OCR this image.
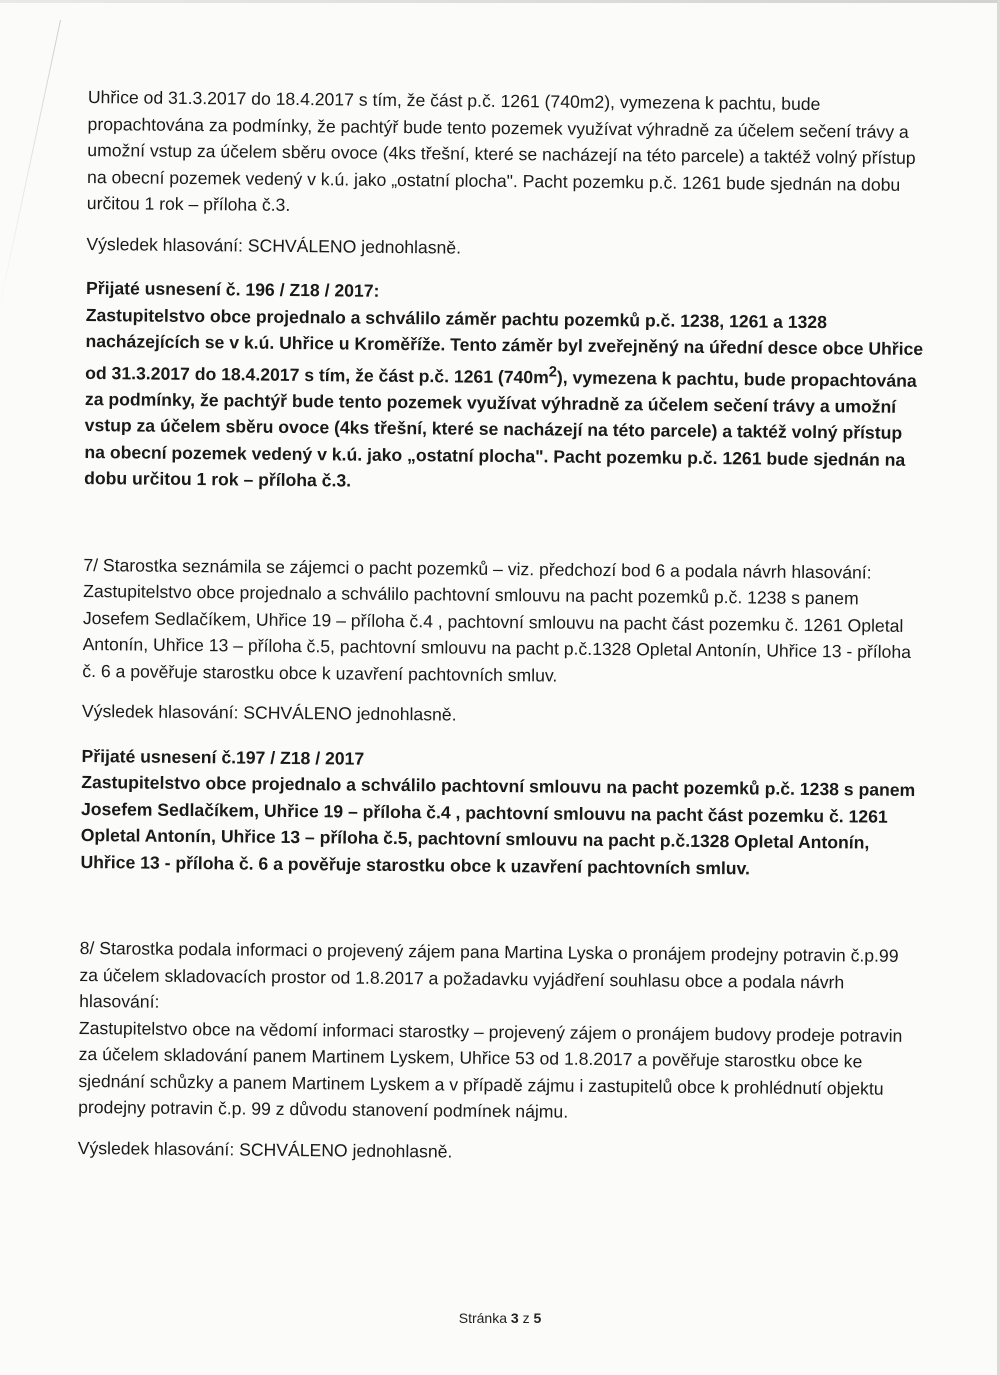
Uhřice od 31.3.2017 do 18.4.2017 s tím, že část p.č. 1261 (740m2), vymezena k pachtu, bude propachtována za podmínky, že pachtýř bude tento pozemek využívat výhradně za účelem sečení trávy a umožní vstup za účelem sběru ovoce (4ks třešní, které se nacházejí na této parcele) a taktéž volný přístup na obecní pozemek vedený v k.ú. jako „ostatní plocha". Pacht pozemku p.č. 1261 bude sjednán na dobu určitou 1 rok – příloha č.3.

Výsledek hlasování: SCHVÁLENO jednohlasně.

Přijaté usnesení č. 196 / Z18 / 2017:

Zastupitelstvo obce projednalo a schválilo záměr pachtu pozemků p.č. 1238, 1261 a 1328 nacházejících se v k.ú. Uhřice u Kroměříže. Tento záměr byl zveřejněný na úřední desce obce Uhřice od 31.3.2017 do 18.4.2017 s tím, že část p.č. 1261 $(740m^2)$, vymezena k pachtu, bude propachtována za podmínky, že pachtýř bude tento pozemek využívat výhradně za účelem sečení trávy a umožní vstup za účelem sběru ovoce (4ks třešní, které se nacházejí na této parcele) a taktéž volný přístup na obecní pozemek vedený v k.ú. jako „ostatní plocha". Pacht pozemku p.č. 1261 bude sjednán na dobu určitou 1 rok – příloha č.3.

7/ Starostka seznámila se zájemci o pacht pozemků – viz. předchozí bod 6 a podala návrh hlasování:

Zastupitelstvo obce projednalo a schválilo pachtovní smlouvu na pacht pozemků p.č. 1238 s panem Josefem Sedlačíkem, Uhřice 19 – příloha č.4 , pachtovní smlouvu na pacht část pozemku č. 1261 Opletal Antonín, Uhřice 13 – příloha č.5, pachtovní smlouvu na pacht p.č.1328 Opletal Antonín, Uhřice 13 - příloha č. 6 a pověřuje starostku obce k uzavření pachtovních smluv.

Výsledek hlasování: SCHVÁLENO jednohlasně.

Přijaté usnesení č.197 / Z18 / 2017

Zastupitelstvo obce projednalo a schválilo pachtovní smlouvu na pacht pozemků p.č. 1238 s panem Josefem Sedlačíkem, Uhřice 19 – příloha č.4 , pachtovní smlouvu na pacht část pozemku č. 1261 Opletal Antonín, Uhřice 13 – příloha č.5, pachtovní smlouvu na pacht p.č.1328 Opletal Antonín, Uhřice 13 - příloha č. 6 a pověřuje starostku obce k uzavření pachtovních smluv.

8/ Starostka podala informaci o projevený zájem pana Martina Lyska o pronájem prodejny potravin č.p.99 za účelem skladovacích prostor od 1.8.2017 a požadavku vyjádření souhlasu obce a podala návrh hlasování:

Zastupitelstvo obce na vědomí informaci starostky – projevený zájem o pronájem budovy prodeje potravin za účelem skladování panem Martinem Lyskem, Uhřice 53 od 1.8.2017 a pověřuje starostku obce ke sjednání schůzky a panem Martinem Lyskem a v případě zájmu i zastupitelů obce k prohlédnutí objektu prodejny potravin č.p. 99 z důvodu stanovení podmínek nájmu.

Výsledek hlasování: SCHVÁLENO jednohlasně.

Stránka 3 z 5
